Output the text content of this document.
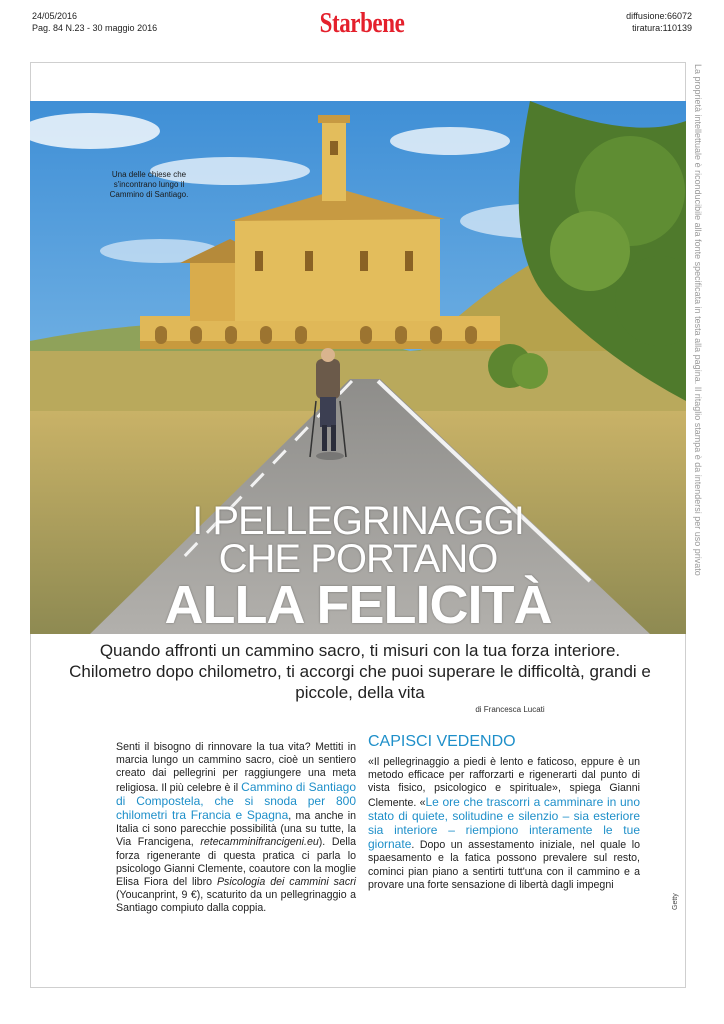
24/05/2016
Pag. 84 N.23 - 30 maggio 2016	Starbene	diffusione:66072
tiratura:110139
La proprietà intellettuale è riconducibile alla fonte specificata in testa alla pagina. Il ritaglio stampa è da intendersi per uso privato
Una delle chiese che s'incontrano lungo il Cammino di Santiago.
I PELLEGRINAGGI
CHE PORTANO
ALLA FELICITÀ
Quando affronti un cammino sacro, ti misuri con la tua forza interiore. Chilometro dopo chilometro, ti accorgi che puoi superare le difficoltà, grandi e piccole, della vita
di Francesca Lucati
Senti il bisogno di rinnovare la tua vita? Mettiti in marcia lungo un cammino sacro, cioè un sentiero creato dai pellegrini per raggiungere una meta religiosa. Il più celebre è il Cammino di Santiago di Compostela, che si snoda per 800 chilometri tra Francia e Spagna, ma anche in Italia ci sono parecchie possibilità (una su tutte, la Via Francigena, retecamminifrancigeni.eu). Della forza rigenerante di questa pratica ci parla lo psicologo Gianni Clemente, coautore con la moglie Elisa Fiora del libro Psicologia dei cammini sacri (Youcanprint, 9 €), scaturito da un pellegrinaggio a Santiago compiuto dalla coppia.
CAPISCI VEDENDO
«Il pellegrinaggio a piedi è lento e faticoso, eppure è un metodo efficace per rafforzarti e rigenerarti dal punto di vista fisico, psicologico e spirituale», spiega Gianni Clemente. «Le ore che trascorri a camminare in uno stato di quiete, solitudine e silenzio – sia esteriore sia interiore – riempiono interamente le tue giornate. Dopo un assestamento iniziale, nel quale lo spaesamento e la fatica possono prevalere sul resto, cominci pian piano a sentirti tutt'una con il cammino e a provare una forte sensazione di libertà dagli impegni
Getty
